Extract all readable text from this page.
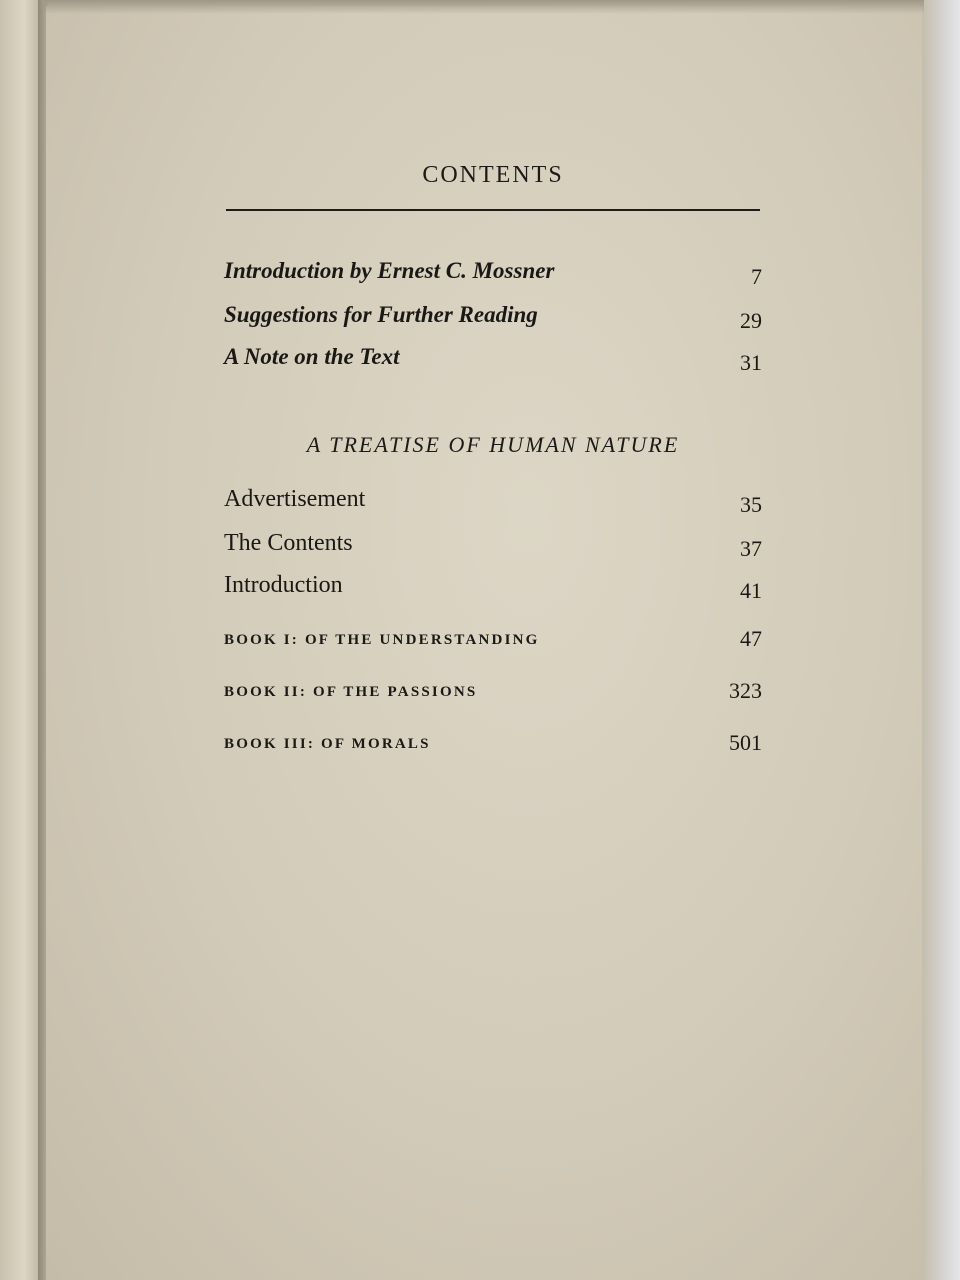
CONTENTS
Introduction by Ernest C. Mossner	7
Suggestions for Further Reading	29
A Note on the Text	31
A TREATISE OF HUMAN NATURE
Advertisement	35
The Contents	37
Introduction	41
BOOK I: OF THE UNDERSTANDING	47
BOOK II: OF THE PASSIONS	323
BOOK III: OF MORALS	501
